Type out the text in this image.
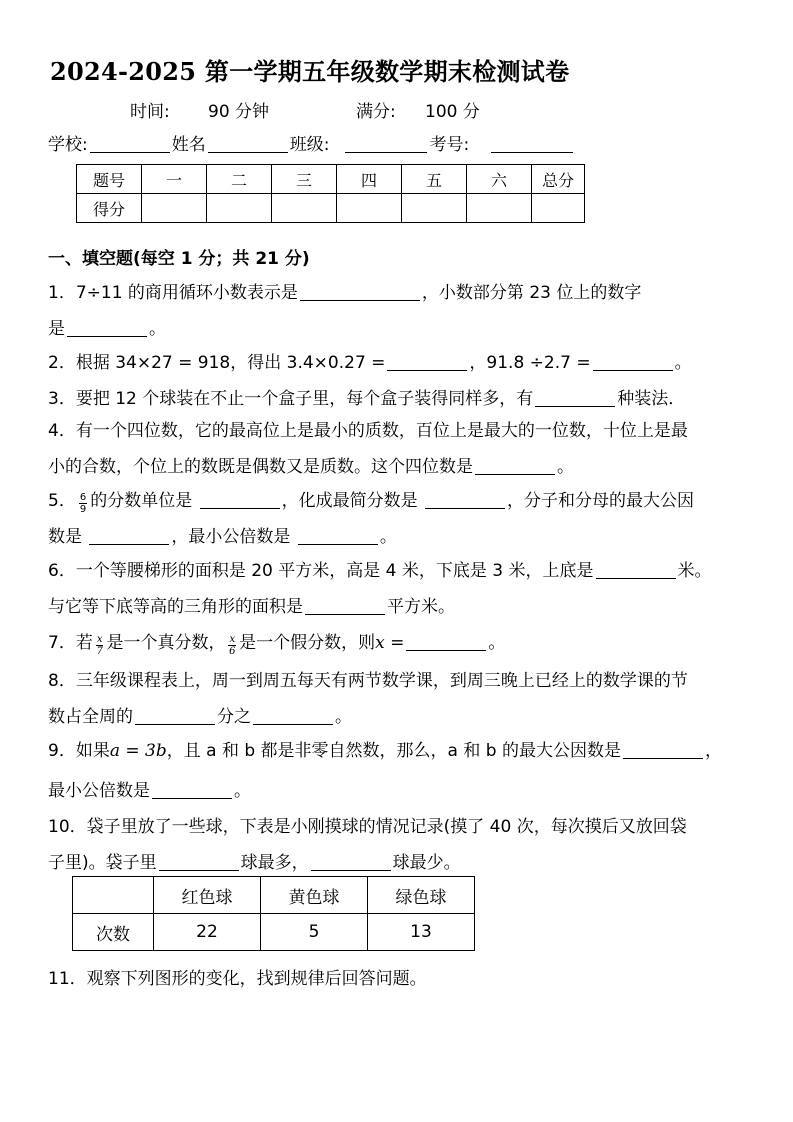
2024-2025 第一学期五年级数学期末检测试卷
时间: 90 分钟	满分: 100 分
学校:	姓名	班级:	考号:
题号	一	二	三	四	五	六	总分
得分							
一、填空题(每空 1 分；共 21 分)
1．7÷11 的商用循环小数表示是	，小数部分第 23 位上的数字
是	。
2．根据 34×27 = 918，得出 3.4×0.27 =	，91.8 ÷2.7 =	。
3．要把 12 个球装在不止一个盒子里，每个盒子装得同样多，有	种装法．
4．有一个四位数，它的最高位上是最小的质数，百位上是最大的一位数，十位上是最
小的合数，个位上的数既是偶数又是质数。这个四位数是	。
5． $\frac{6}{9}$ 的分数单位是	，化成最简分数是	，分子和分母的最大公因
数是	，最小公倍数是	。
6．一个等腰梯形的面积是 20 平方米，高是 4 米，下底是 3 米，上底是	米。
与它等下底等高的三角形的面积是	平方米。
7．若 $\frac{x}{7}$ 是一个真分数， $\frac{x}{6}$ 是一个假分数，则x =	。
8．三年级课程表上，周一到周五每天有两节数学课，到周三晚上已经上的数学课的节
数占全周的	分之	。
9．如果a = 3b，且 a 和 b 都是非零自然数，那么，a 和 b 的最大公因数是	，
最小公倍数是	。
10．袋子里放了一些球，下表是小刚摸球的情况记录(摸了 40 次，每次摸后又放回袋
子里)。袋子里	球最多，	球最少。
	红色球	黄色球	绿色球
次数	22	5	13
11．观察下列图形的变化，找到规律后回答问题。
